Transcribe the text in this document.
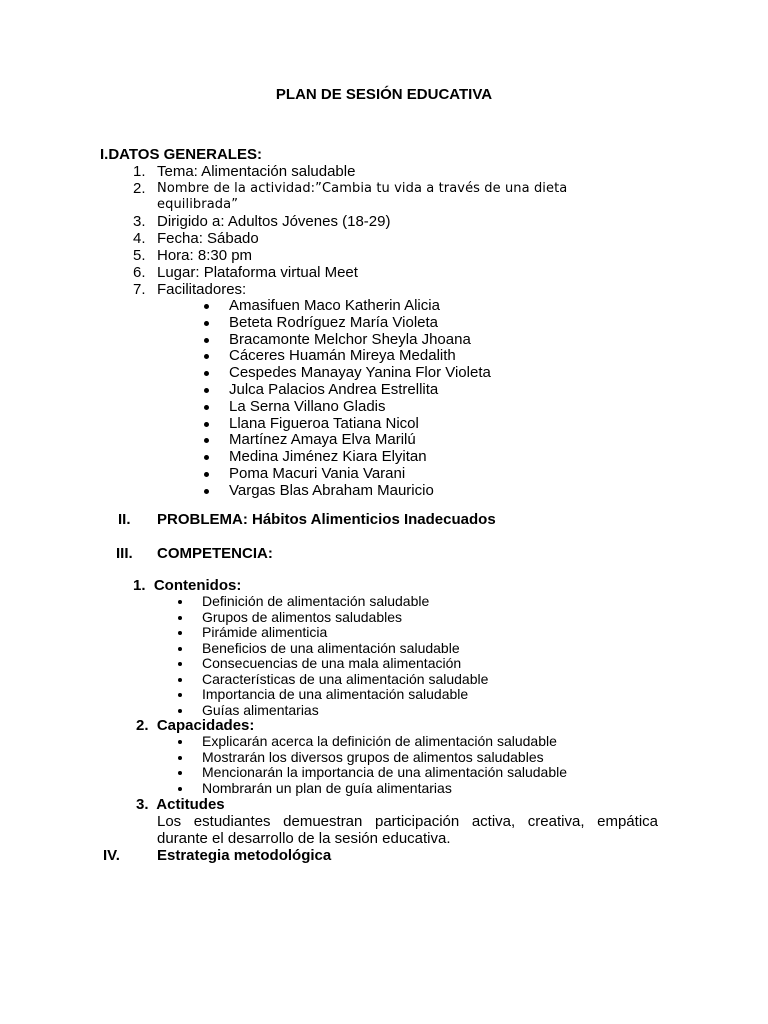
PLAN DE SESIÓN EDUCATIVA
I.DATOS GENERALES:
1. Tema: Alimentación saludable
2. Nombre de la actividad:”Cambia tu vida a través de una dieta
equilibrada”
3. Dirigido a: Adultos Jóvenes (18-29)
4. Fecha: Sábado
5. Hora: 8:30 pm
6. Lugar: Plataforma virtual Meet
7. Facilitadores:
Amasifuen Maco Katherin Alicia
Beteta Rodríguez María Violeta
Bracamonte Melchor Sheyla Jhoana
Cáceres Huamán Mireya Medalith
Cespedes Manayay Yanina Flor Violeta
Julca Palacios Andrea Estrellita
La Serna Villano Gladis
Llana Figueroa Tatiana Nicol
Martínez Amaya Elva Marilú
Medina Jiménez Kiara Elyitan
Poma Macuri Vania Varani
Vargas Blas Abraham Mauricio
II. PROBLEMA: Hábitos Alimenticios Inadecuados
III. COMPETENCIA:
1.  Contenidos:
Definición de alimentación saludable
Grupos de alimentos saludables
Pirámide alimenticia
Beneficios de una alimentación saludable
Consecuencias de una mala alimentación
Características de una alimentación saludable
Importancia de una alimentación saludable
Guías alimentarias
2.  Capacidades:
Explicarán acerca la definición de alimentación saludable
Mostrarán los diversos grupos de alimentos saludables
Mencionarán la importancia de una alimentación saludable
Nombrarán un plan de guía alimentarias
3.  Actitudes
Los estudiantes demuestran participación activa, creativa, empática
durante el desarrollo de la sesión educativa.
IV. Estrategia metodológica
